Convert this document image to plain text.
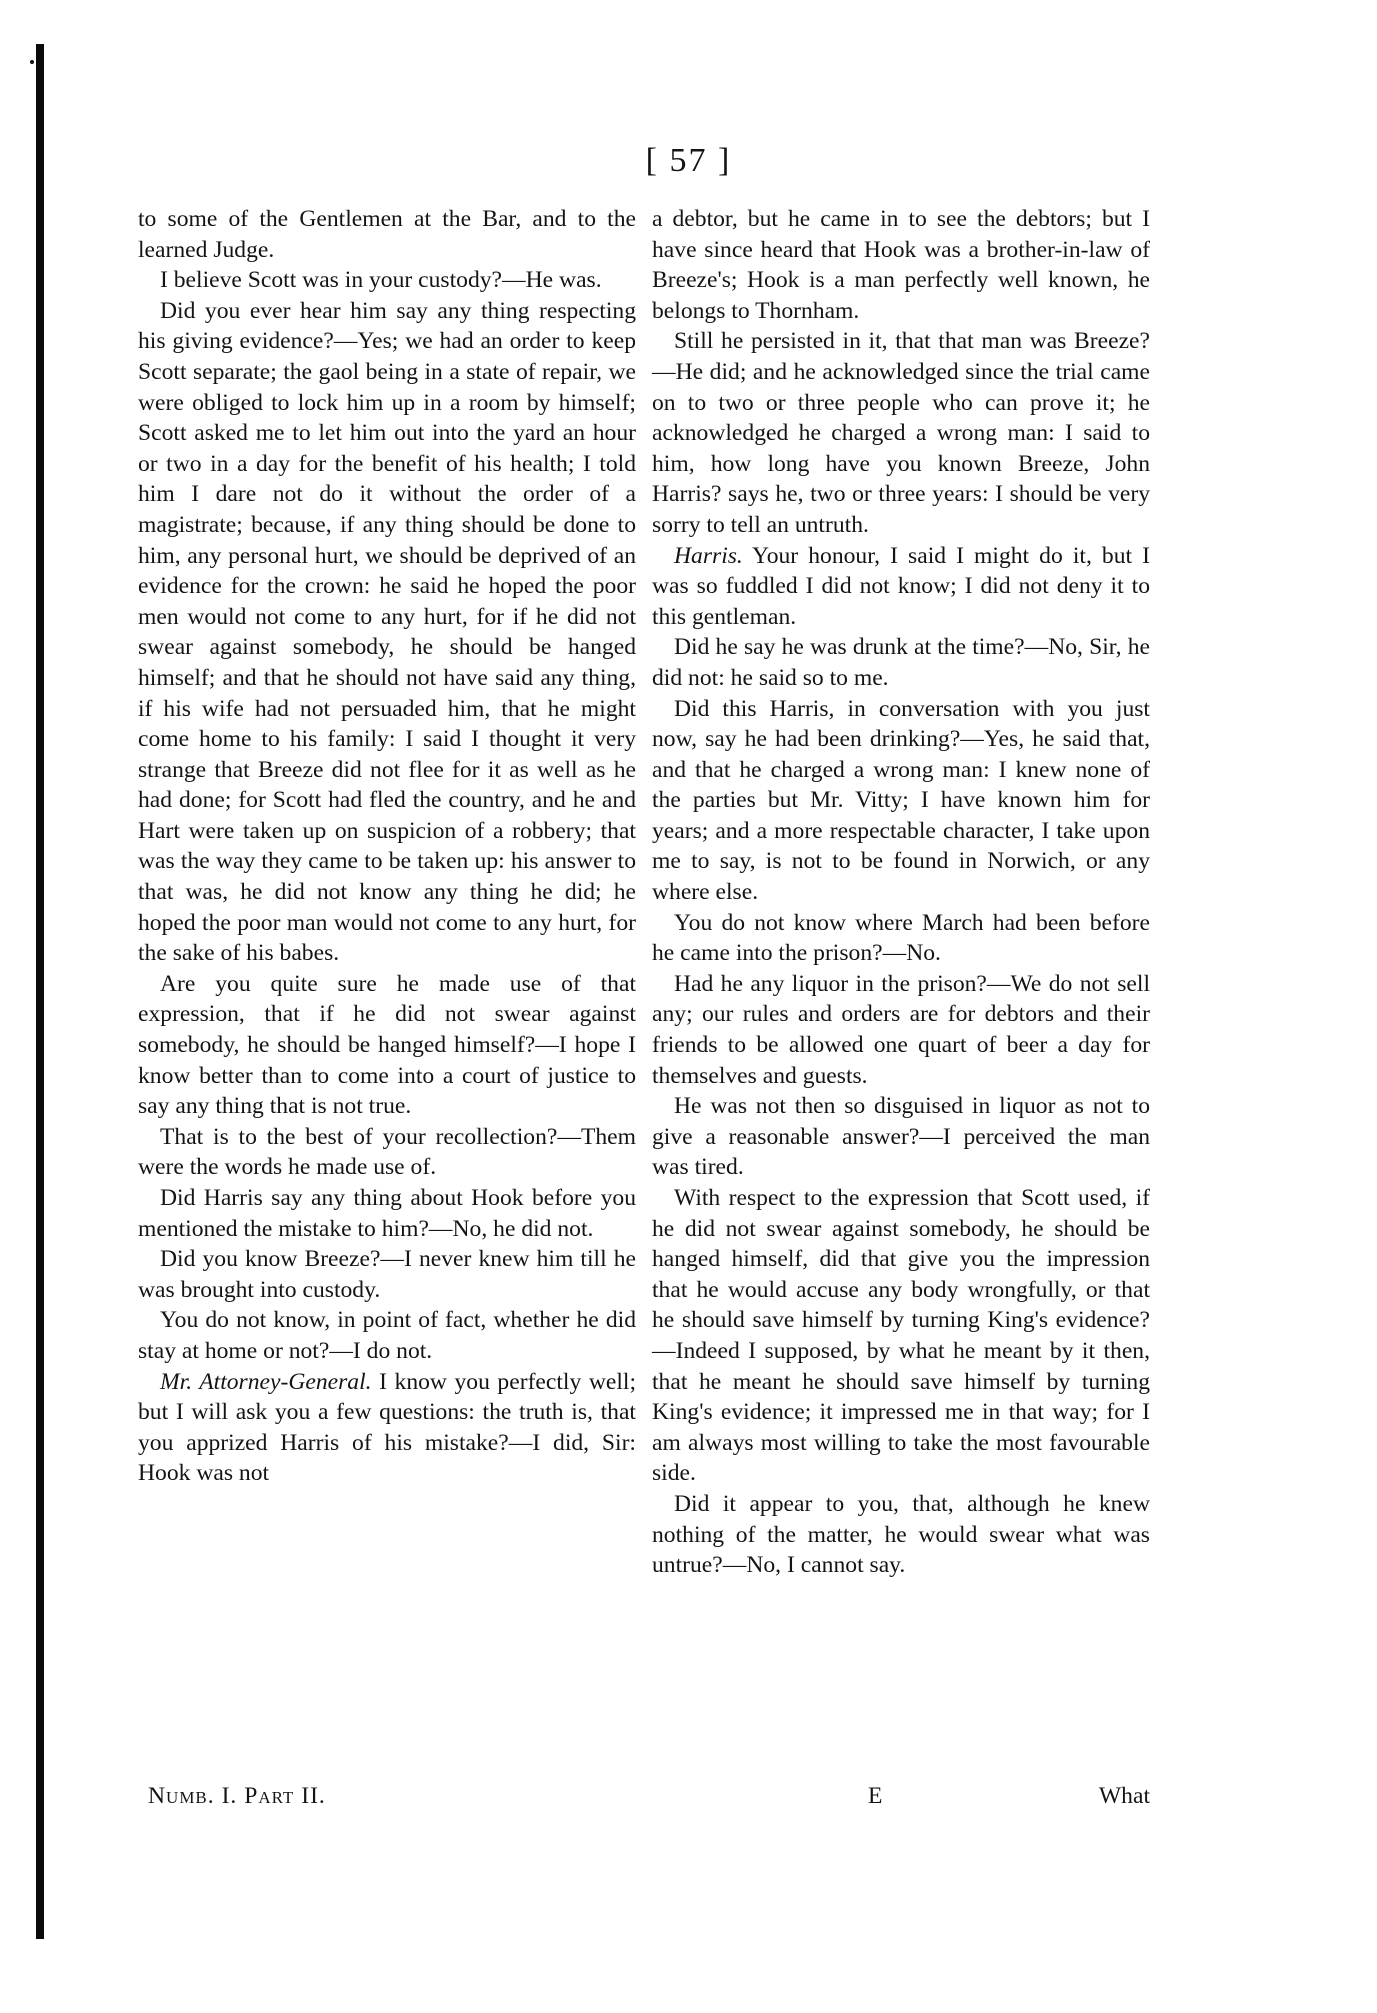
[ 57 ]

to some of the Gentlemen at the Bar, and to the learned Judge.

I believe Scott was in your custody?—He was.

Did you ever hear him say any thing respecting his giving evidence?—Yes; we had an order to keep Scott separate; the gaol being in a state of repair, we were obliged to lock him up in a room by himself; Scott asked me to let him out into the yard an hour or two in a day for the benefit of his health; I told him I dare not do it without the order of a magistrate; because, if any thing should be done to him, any personal hurt, we should be deprived of an evidence for the crown: he said he hoped the poor men would not come to any hurt, for if he did not swear against somebody, he should be hanged himself; and that he should not have said any thing, if his wife had not persuaded him, that he might come home to his family: I said I thought it very strange that Breeze did not flee for it as well as he had done; for Scott had fled the country, and he and Hart were taken up on suspicion of a robbery; that was the way they came to be taken up: his answer to that was, he did not know any thing he did; he hoped the poor man would not come to any hurt, for the sake of his babes.

Are you quite sure he made use of that expression, that if he did not swear against somebody, he should be hanged himself?—I hope I know better than to come into a court of justice to say any thing that is not true.

That is to the best of your recollection?—Them were the words he made use of.

Did Harris say any thing about Hook before you mentioned the mistake to him?—No, he did not.

Did you know Breeze?—I never knew him till he was brought into custody.

You do not know, in point of fact, whether he did stay at home or not?—I do not.

Mr. Attorney-General. I know you perfectly well; but I will ask you a few questions: the truth is, that you apprized Harris of his mistake?—I did, Sir: Hook was not

a debtor, but he came in to see the debtors; but I have since heard that Hook was a brother-in-law of Breeze's; Hook is a man perfectly well known, he belongs to Thornham.

Still he persisted in it, that that man was Breeze?—He did; and he acknowledged since the trial came on to two or three people who can prove it; he acknowledged he charged a wrong man: I said to him, how long have you known Breeze, John Harris? says he, two or three years: I should be very sorry to tell an untruth.

Harris. Your honour, I said I might do it, but I was so fuddled I did not know; I did not deny it to this gentleman.

Did he say he was drunk at the time?—No, Sir, he did not: he said so to me.

Did this Harris, in conversation with you just now, say he had been drinking?—Yes, he said that, and that he charged a wrong man: I knew none of the parties but Mr. Vitty; I have known him for years; and a more respectable character, I take upon me to say, is not to be found in Norwich, or any where else.

You do not know where March had been before he came into the prison?—No.

Had he any liquor in the prison?—We do not sell any; our rules and orders are for debtors and their friends to be allowed one quart of beer a day for themselves and guests.

He was not then so disguised in liquor as not to give a reasonable answer?—I perceived the man was tired.

With respect to the expression that Scott used, if he did not swear against somebody, he should be hanged himself, did that give you the impression that he would accuse any body wrongfully, or that he should save himself by turning King's evidence?—Indeed I supposed, by what he meant by it then, that he meant he should save himself by turning King's evidence; it impressed me in that way; for I am always most willing to take the most favourable side.

Did it appear to you, that, although he knew nothing of the matter, he would swear what was untrue?—No, I cannot say.

Numb. I. Part II.	E	What
